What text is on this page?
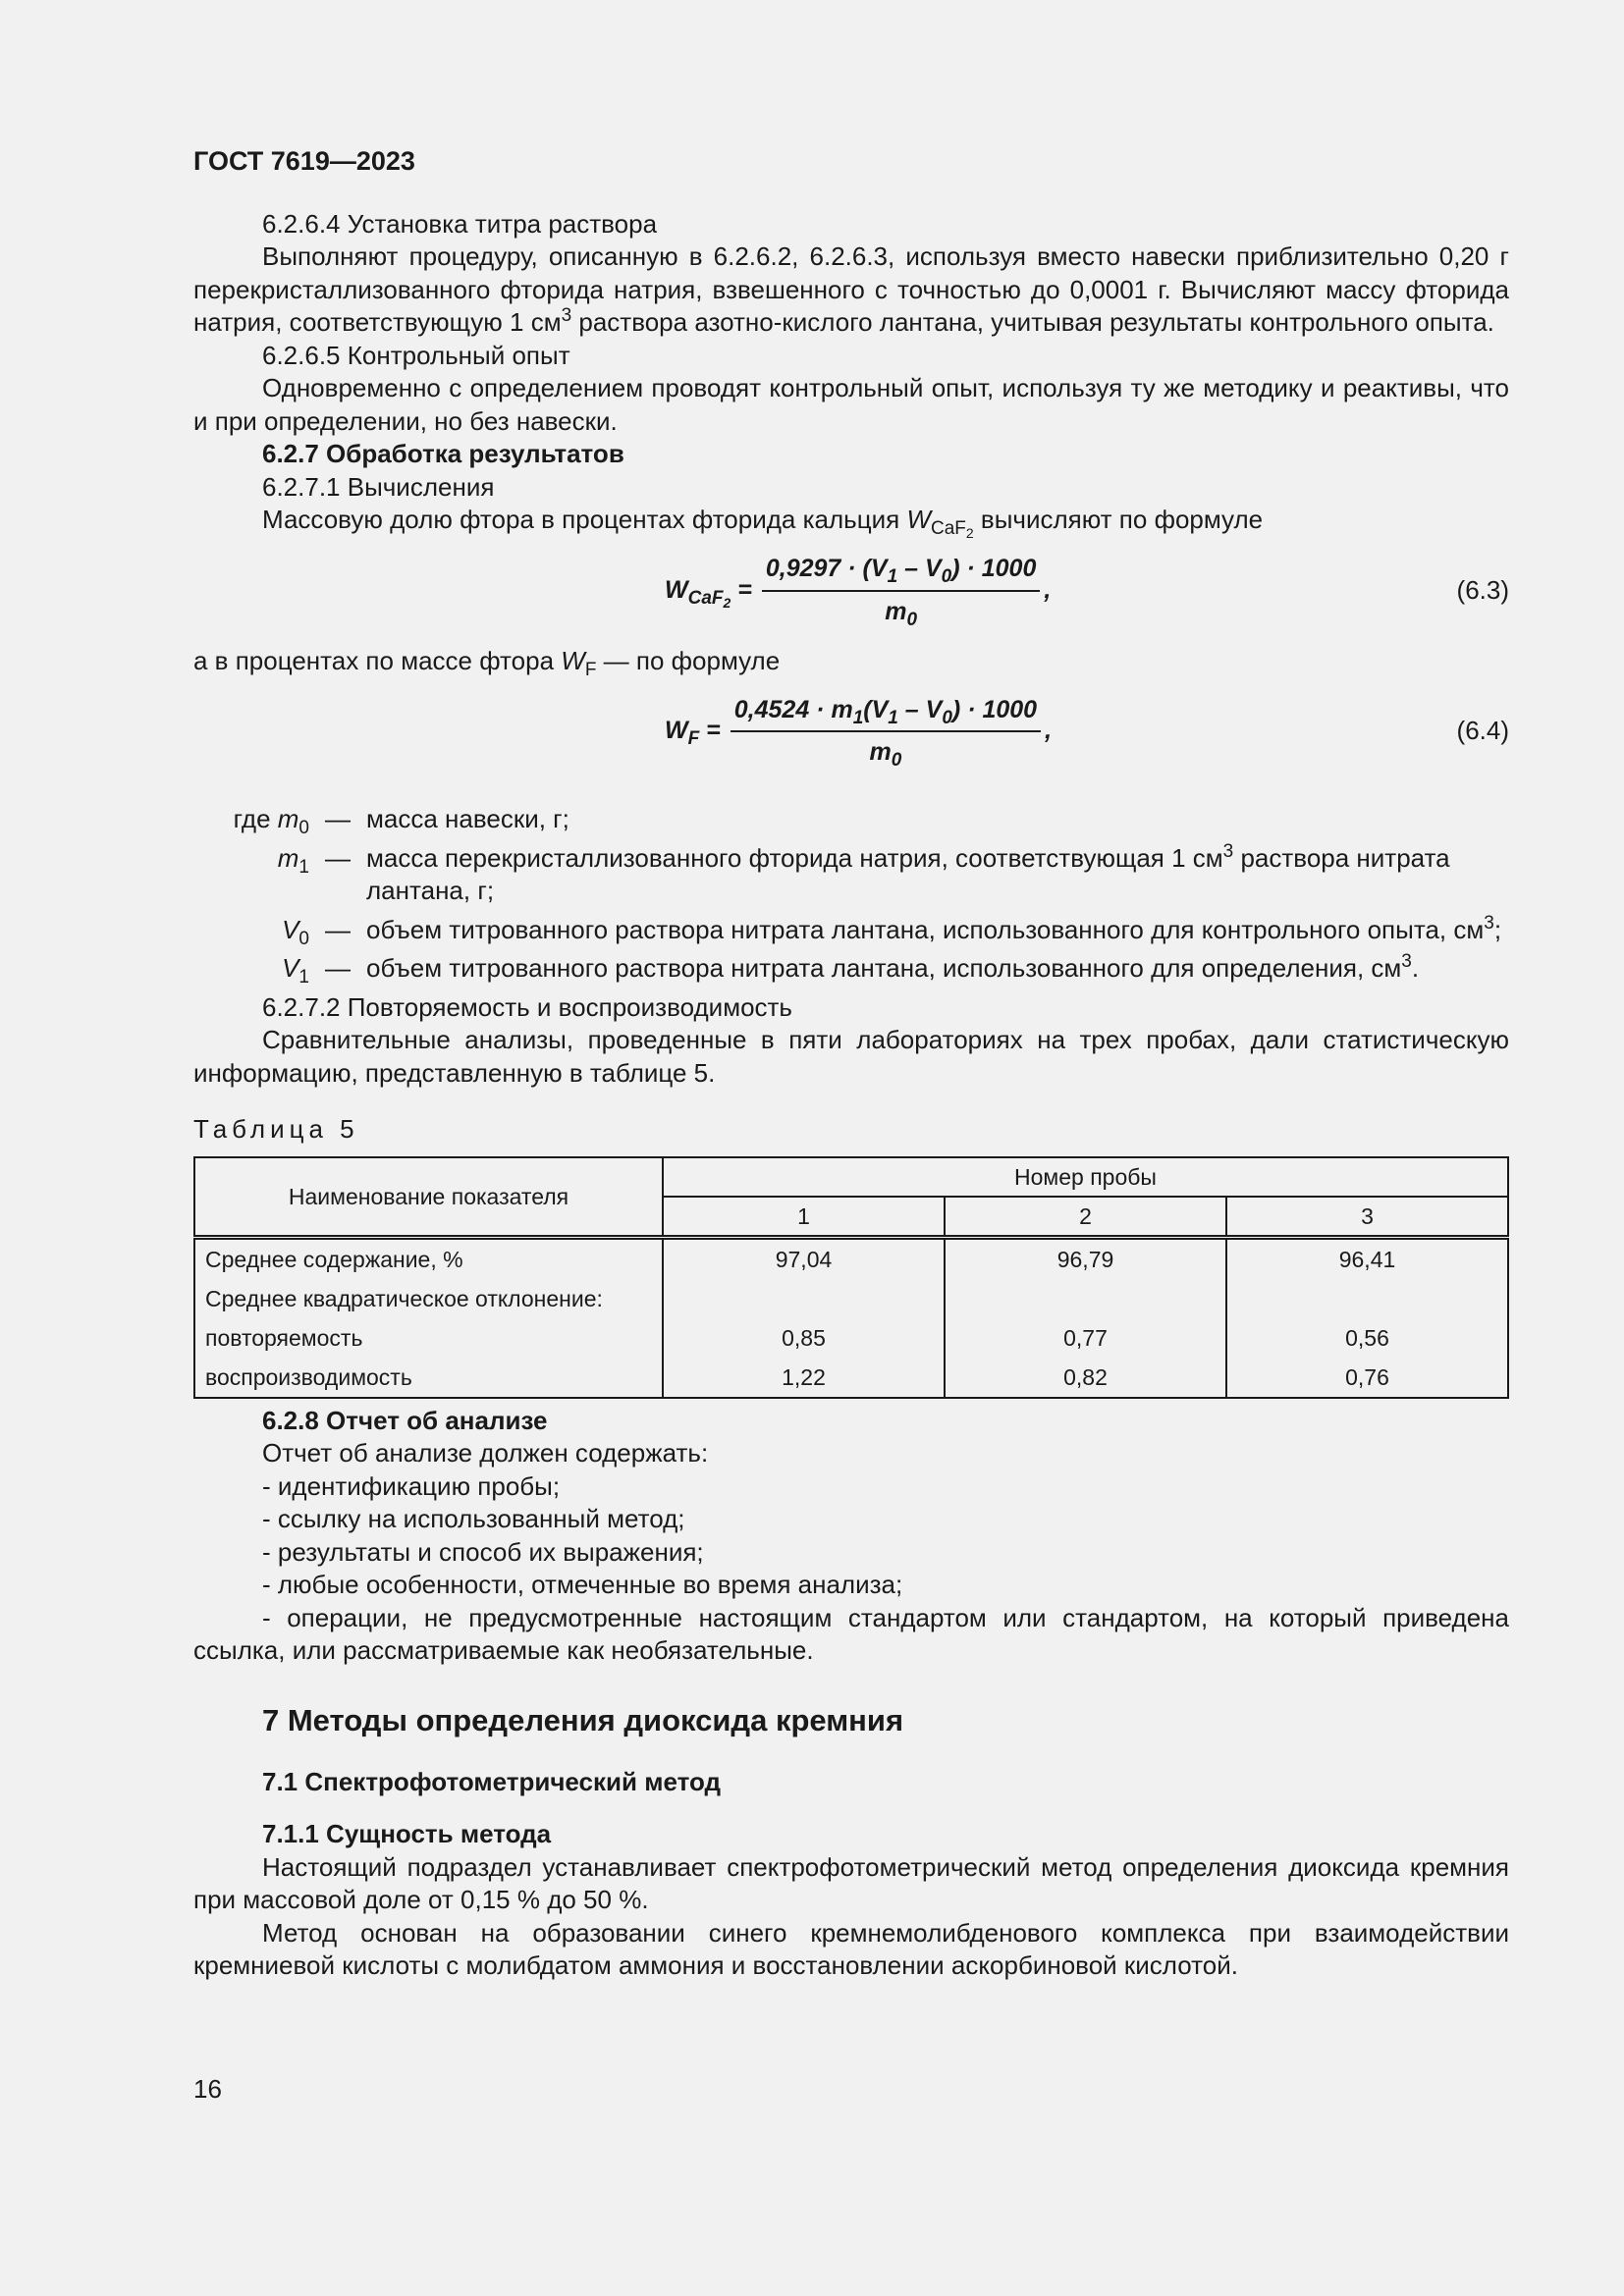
ГОСТ 7619—2023

6.2.6.4 Установка титра раствора

Выполняют процедуру, описанную в 6.2.6.2, 6.2.6.3, используя вместо навески приблизительно 0,20 г перекристаллизованного фторида натрия, взвешенного с точностью до 0,0001 г. Вычисляют массу фторида натрия, соответствующую 1 $см^3$ раствора азотно-кислого лантана, учитывая результаты контрольного опыта.

6.2.6.5 Контрольный опыт

Одновременно с определением проводят контрольный опыт, используя ту же методику и реактивы, что и при определении, но без навески.

6.2.7 Обработка результатов

6.2.7.1 Вычисления

Массовую долю фтора в процентах фторида кальция $W_{CaF_2}$ вычисляют по формуле

$W_{CaF_2} = \frac{0,9297 \cdot (V_1 - V_0) \cdot 1000}{m_0}$ ,	(6.3)

а в процентах по массе фтора $W_F$ — по формуле

$W_F = \frac{0,4524 \cdot m_1(V_1 - V_0) \cdot 1000}{m_0}$ ,	(6.4)
где $m_0$ — масса навески, г;
$m_1$ — масса перекристаллизованного фторида натрия, соответствующая 1 $см^3$ раствора нитрата лантана, г;
$V_0$ — объем титрованного раствора нитрата лантана, использованного для контрольного опыта, $см^3$;
$V_1$ — объем титрованного раствора нитрата лантана, использованного для определения, $см^3$.

6.2.7.2 Повторяемость и воспроизводимость

Сравнительные анализы, проведенные в пяти лабораториях на трех пробах, дали статистическую информацию, представленную в таблице 5.

Таблица 5
Наименование показателя	Номер пробы		
	1	2	3
Среднее содержание, %	97,04	96,79	96,41
Среднее квадратическое отклонение:			
повторяемость	0,85	0,77	0,56
воспроизводимость	1,22	0,82	0,76

6.2.8 Отчет об анализе

Отчет об анализе должен содержать:

- идентификацию пробы;

- ссылку на использованный метод;

- результаты и способ их выражения;

- любые особенности, отмеченные во время анализа;

- операции, не предусмотренные настоящим стандартом или стандартом, на который приведена ссылка, или рассматриваемые как необязательные.

7 Методы определения диоксида кремния
7.1 Спектрофотометрический метод

7.1.1 Сущность метода

Настоящий подраздел устанавливает спектрофотометрический метод определения диоксида кремния при массовой доле от 0,15 % до 50 %.

Метод основан на образовании синего кремнемолибденового комплекса при взаимодействии кремниевой кислоты с молибдатом аммония и восстановлении аскорбиновой кислотой.

16
